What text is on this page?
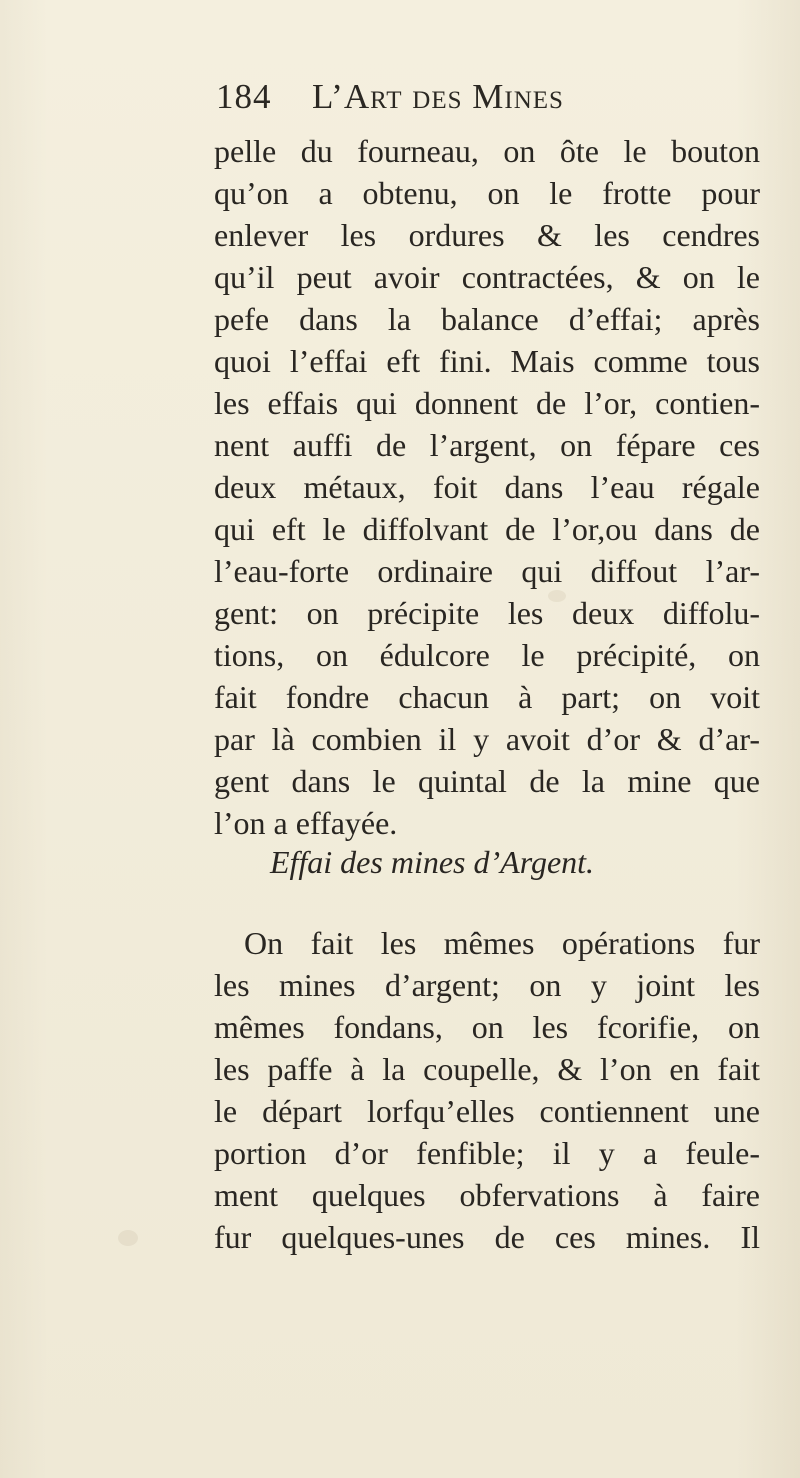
184 L’Art des Mines
pelle du fourneau, on ôte le bouton
qu’on a obtenu, on le frotte pour
enlever les ordures & les cendres
qu’il peut avoir contractées, & on le
pefe dans la balance d’effai; après
quoi l’effai eft fini. Mais comme tous
les effais qui donnent de l’or, contien-
nent auffi de l’argent, on fépare ces
deux métaux, foit dans l’eau régale
qui eft le diffolvant de l’or,ou dans de
l’eau-forte ordinaire qui diffout l’ar-
gent: on précipite les deux diffolu-
tions, on édulcore le précipité, on
fait fondre chacun à part; on voit
par là combien il y avoit d’or & d’ar-
gent dans le quintal de la mine que
l’on a effayée.
Effai des mines d’Argent.
On fait les mêmes opérations fur
les mines d’argent; on y joint les
mêmes fondans, on les fcorifie, on
les paffe à la coupelle, & l’on en fait
le départ lorfqu’elles contiennent une
portion d’or fenfible; il y a feule-
ment quelques obfervations à faire
fur quelques-unes de ces mines. Il
